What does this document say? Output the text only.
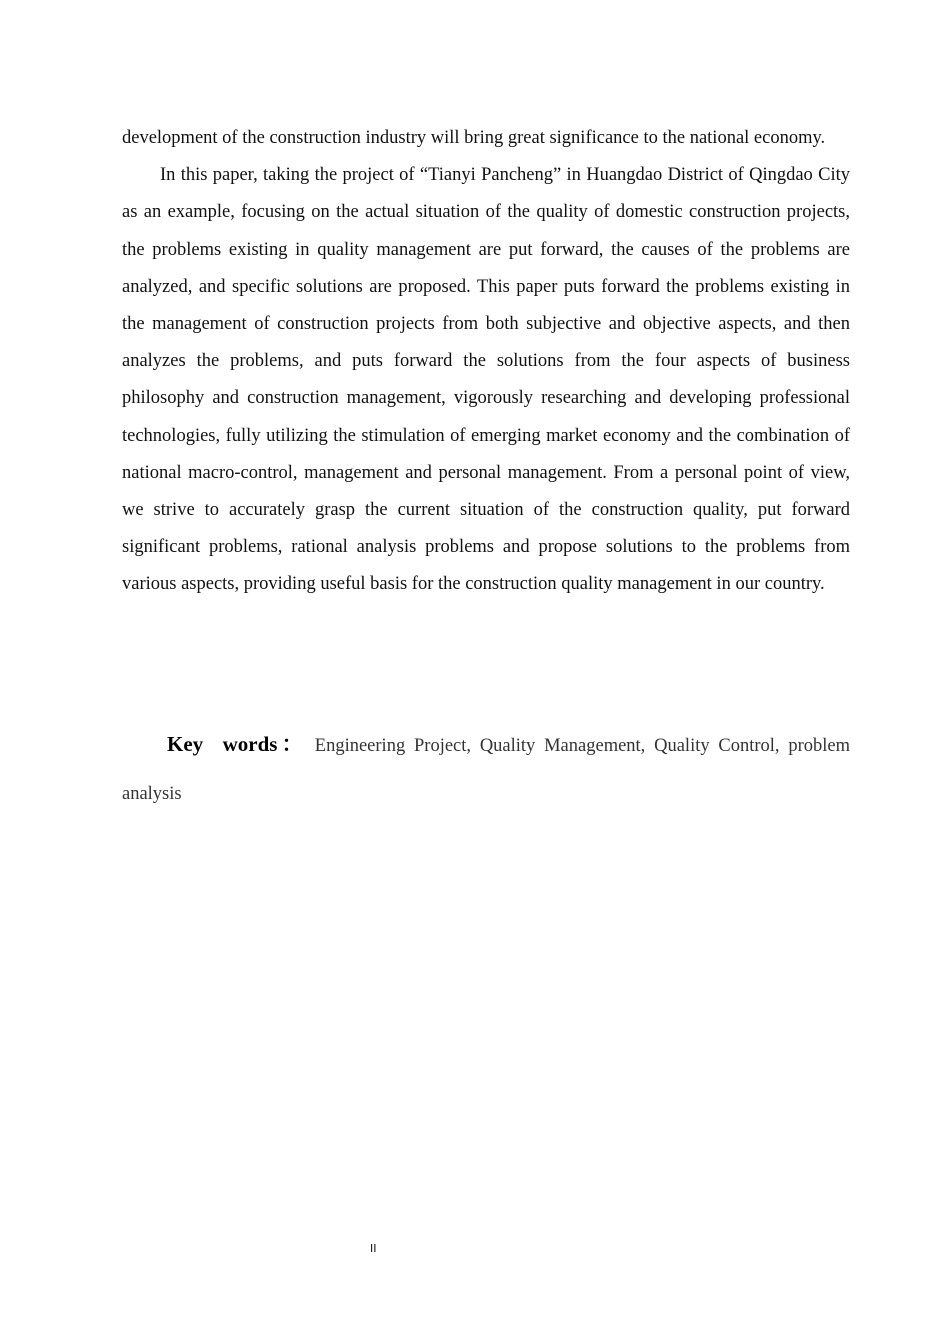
development of the construction industry will bring great significance to the national economy.

In this paper, taking the project of “Tianyi Pancheng” in Huangdao District of Qingdao City as an example, focusing on the actual situation of the quality of domestic construction projects, the problems existing in quality management are put forward, the causes of the problems are analyzed, and specific solutions are proposed. This paper puts forward the problems existing in the management of construction projects from both subjective and objective aspects, and then analyzes the problems, and puts forward the solutions from the four aspects of business philosophy and construction management, vigorously researching and developing professional technologies, fully utilizing the stimulation of emerging market economy and the combination of national macro-control, management and personal management. From a personal point of view, we strive to accurately grasp the current situation of the construction quality, put forward significant problems, rational analysis problems and propose solutions to the problems from various aspects, providing useful basis for the construction quality management in our country.

Key words： Engineering Project, Quality Management, Quality Control, problem analysis
II
